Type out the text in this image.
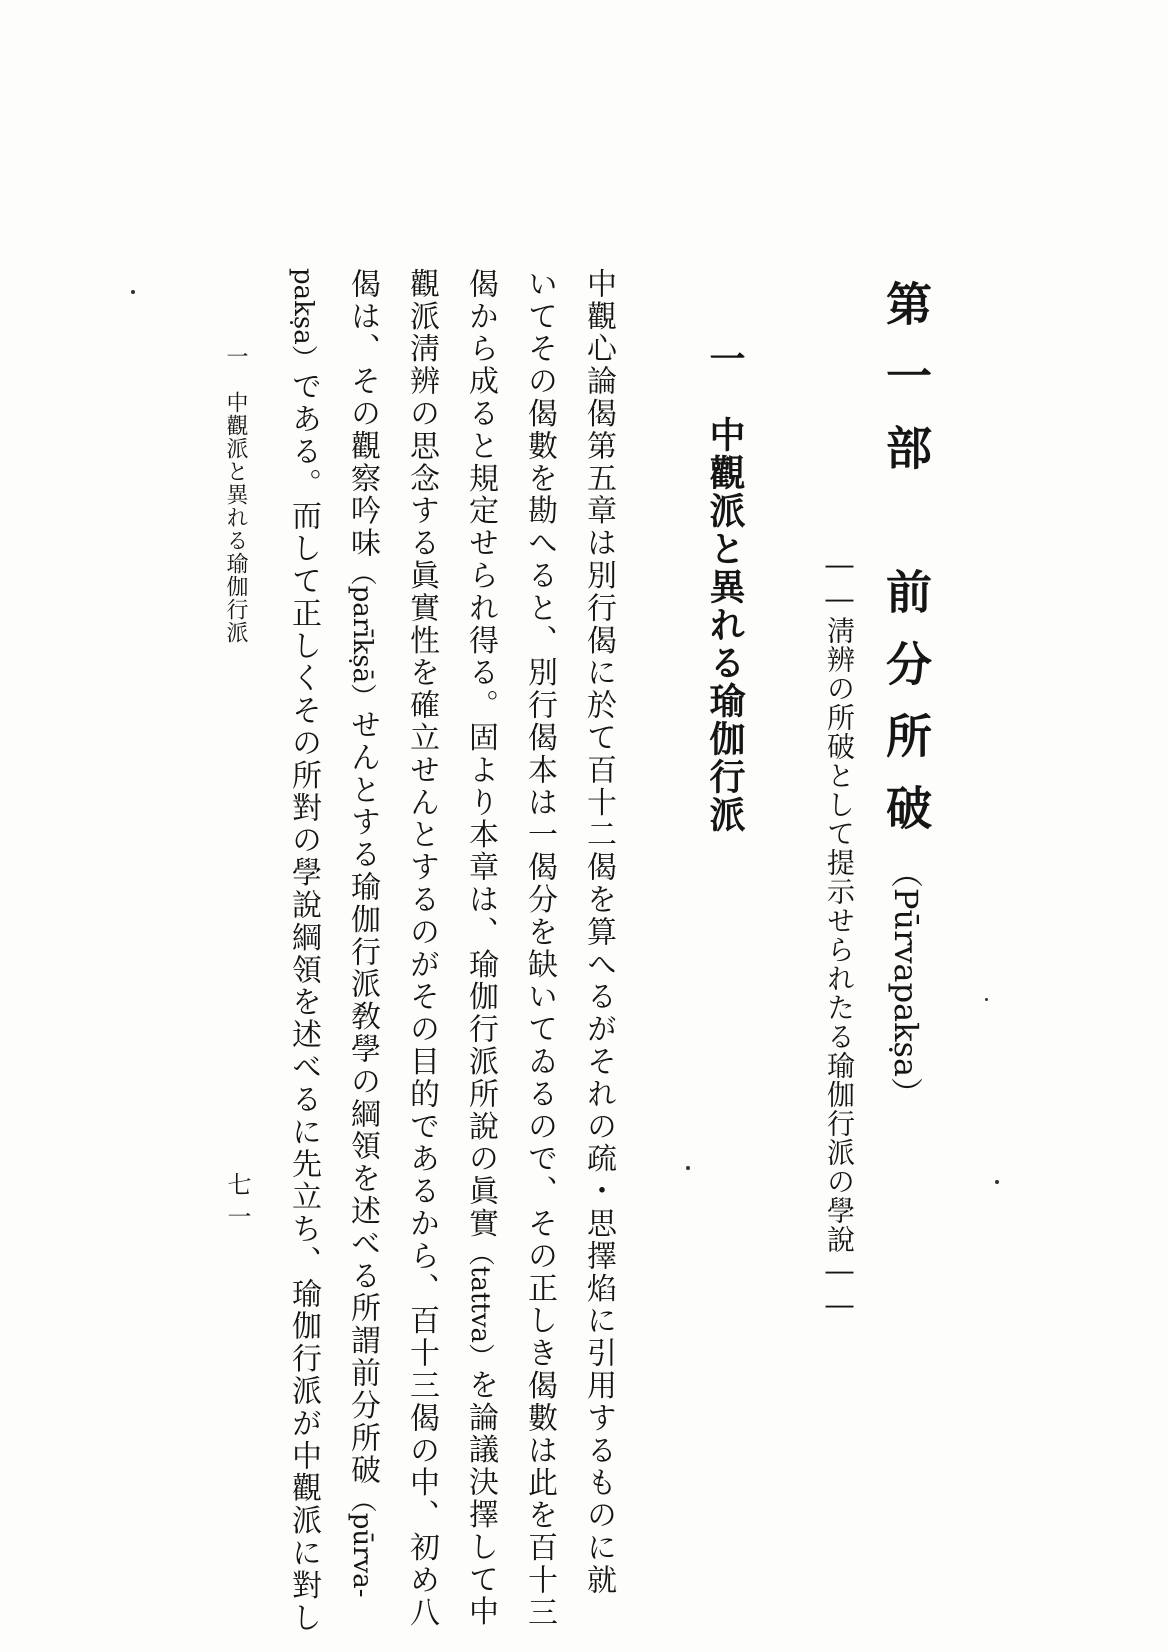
第一部　前分所破（Pūrvapakṣa）
――淸辨の所破として提示せられたる瑜伽行派の學說――
一　中觀派と異れる瑜伽行派
中觀心論偈第五章は別行偈に於て百十二偈を算へるがそれの疏・思擇焰に引用するものに就
いてその偈數を勘へると、別行偈本は一偈分を缺いてゐるので、その正しき偈數は此を百十三
偈から成ると規定せられ得る。固より本章は、瑜伽行派所說の眞實（tattva）を論議決擇して中
觀派淸辨の思念する眞實性を確立せんとするのがその目的であるから、百十三偈の中、初め八
偈は、その觀察吟味（parīkṣā）せんとする瑜伽行派敎學の綱領を述べる所謂前分所破（pūrva-
pakṣa）である。而して正しくその所對の學說綱領を述べるに先立ち、瑜伽行派が中觀派に對し
一　中觀派と異れる瑜伽行派
七一
